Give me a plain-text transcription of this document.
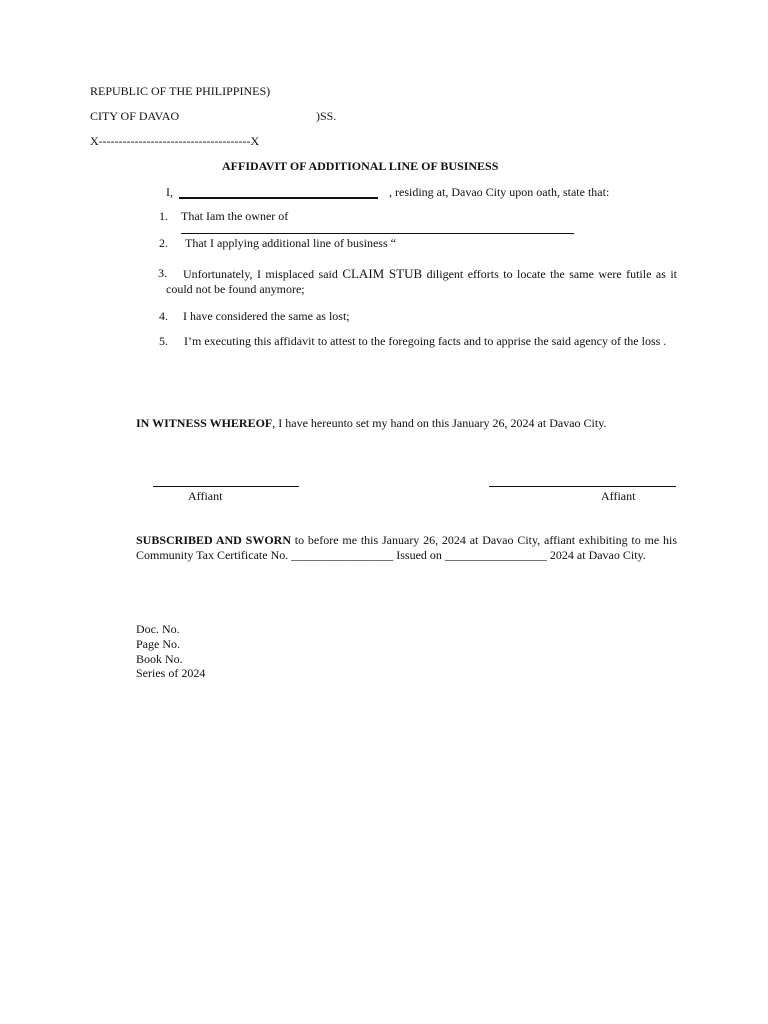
REPUBLIC OF THE PHILIPPINES)
CITY OF DAVAO	)SS.
X--------------------------------------X
AFFIDAVIT OF ADDITIONAL LINE OF BUSINESS
I,	, residing at, Davao City upon oath, state that:
1. That Iam the owner of
2. That I applying additional line of business “
3.	Unfortunately, I misplaced said CLAIM STUB diligent efforts to locate the same were futile as it could not be found anymore;
4. I have considered the same as lost;
5. I’m executing this affidavit to attest to the foregoing facts and to apprise the said agency of the loss .
IN WITNESS WHEREOF, I have hereunto set my hand on this January 26, 2024 at Davao City.
Affiant	Affiant
SUBSCRIBED AND SWORN to before me this January 26, 2024 at Davao City, affiant exhibiting to me his Community Tax Certificate No. _________________ Issued on _________________ 2024 at Davao City.
Doc. No.
Page No.
Book No.
Series of 2024
